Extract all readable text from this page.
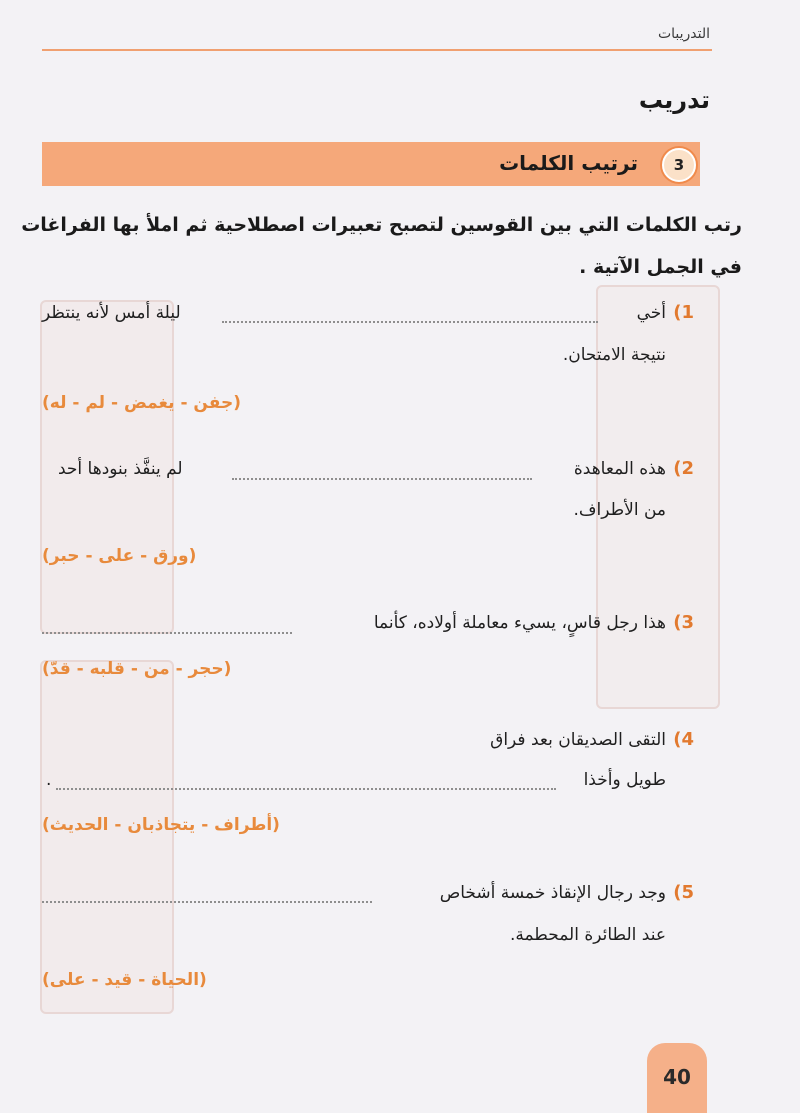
التدريبات
تدريب
3
ترتيب الكلمات
رتب الكلمات التي بين القوسين لتصبح تعبيرات اصطلاحية ثم املأ بها الفراغات
في الجمل الآتية .
1)
أخي
ليلة أمس لأنه ينتظر
نتيجة الامتحان.
(جفن - يغمض - لم - له)
2)
هذه المعاهدة
لم ينفَّذ بنودها أحد
من الأطراف.
(ورق - على - حبر)
3)
هذا رجل قاسٍ، يسيء معاملة أولاده، كأنما
(حجر - من - قلبه - قدّ)
4)
التقى الصديقان بعد فراق
طويل وأخذا
.
(أطراف - يتجاذبان - الحديث)
5)
وجد رجال الإنقاذ خمسة أشخاص
عند الطائرة المحطمة.
(الحياة - قيد - على)
40
